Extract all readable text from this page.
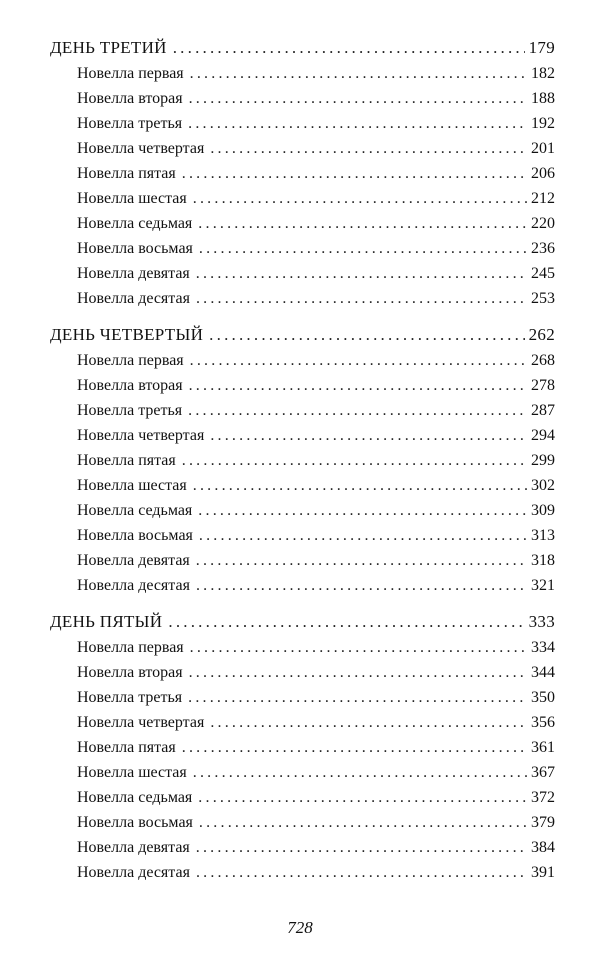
ДЕНЬ ТРЕТИЙ .....	179
Новелла первая .....	182
Новелла вторая .....	188
Новелла третья .....	192
Новелла четвертая .....	201
Новелла пятая .....	206
Новелла шестая .....	212
Новелла седьмая .....	220
Новелла восьмая .....	236
Новелла девятая .....	245
Новелла десятая .....	253
ДЕНЬ ЧЕТВЕРТЫЙ .....	262
Новелла первая .....	268
Новелла вторая .....	278
Новелла третья .....	287
Новелла четвертая .....	294
Новелла пятая .....	299
Новелла шестая .....	302
Новелла седьмая .....	309
Новелла восьмая .....	313
Новелла девятая .....	318
Новелла десятая .....	321
ДЕНЬ ПЯТЫЙ .....	333
Новелла первая .....	334
Новелла вторая .....	344
Новелла третья .....	350
Новелла четвертая .....	356
Новелла пятая .....	361
Новелла шестая .....	367
Новелла седьмая .....	372
Новелла восьмая .....	379
Новелла девятая .....	384
Новелла десятая .....	391
728
